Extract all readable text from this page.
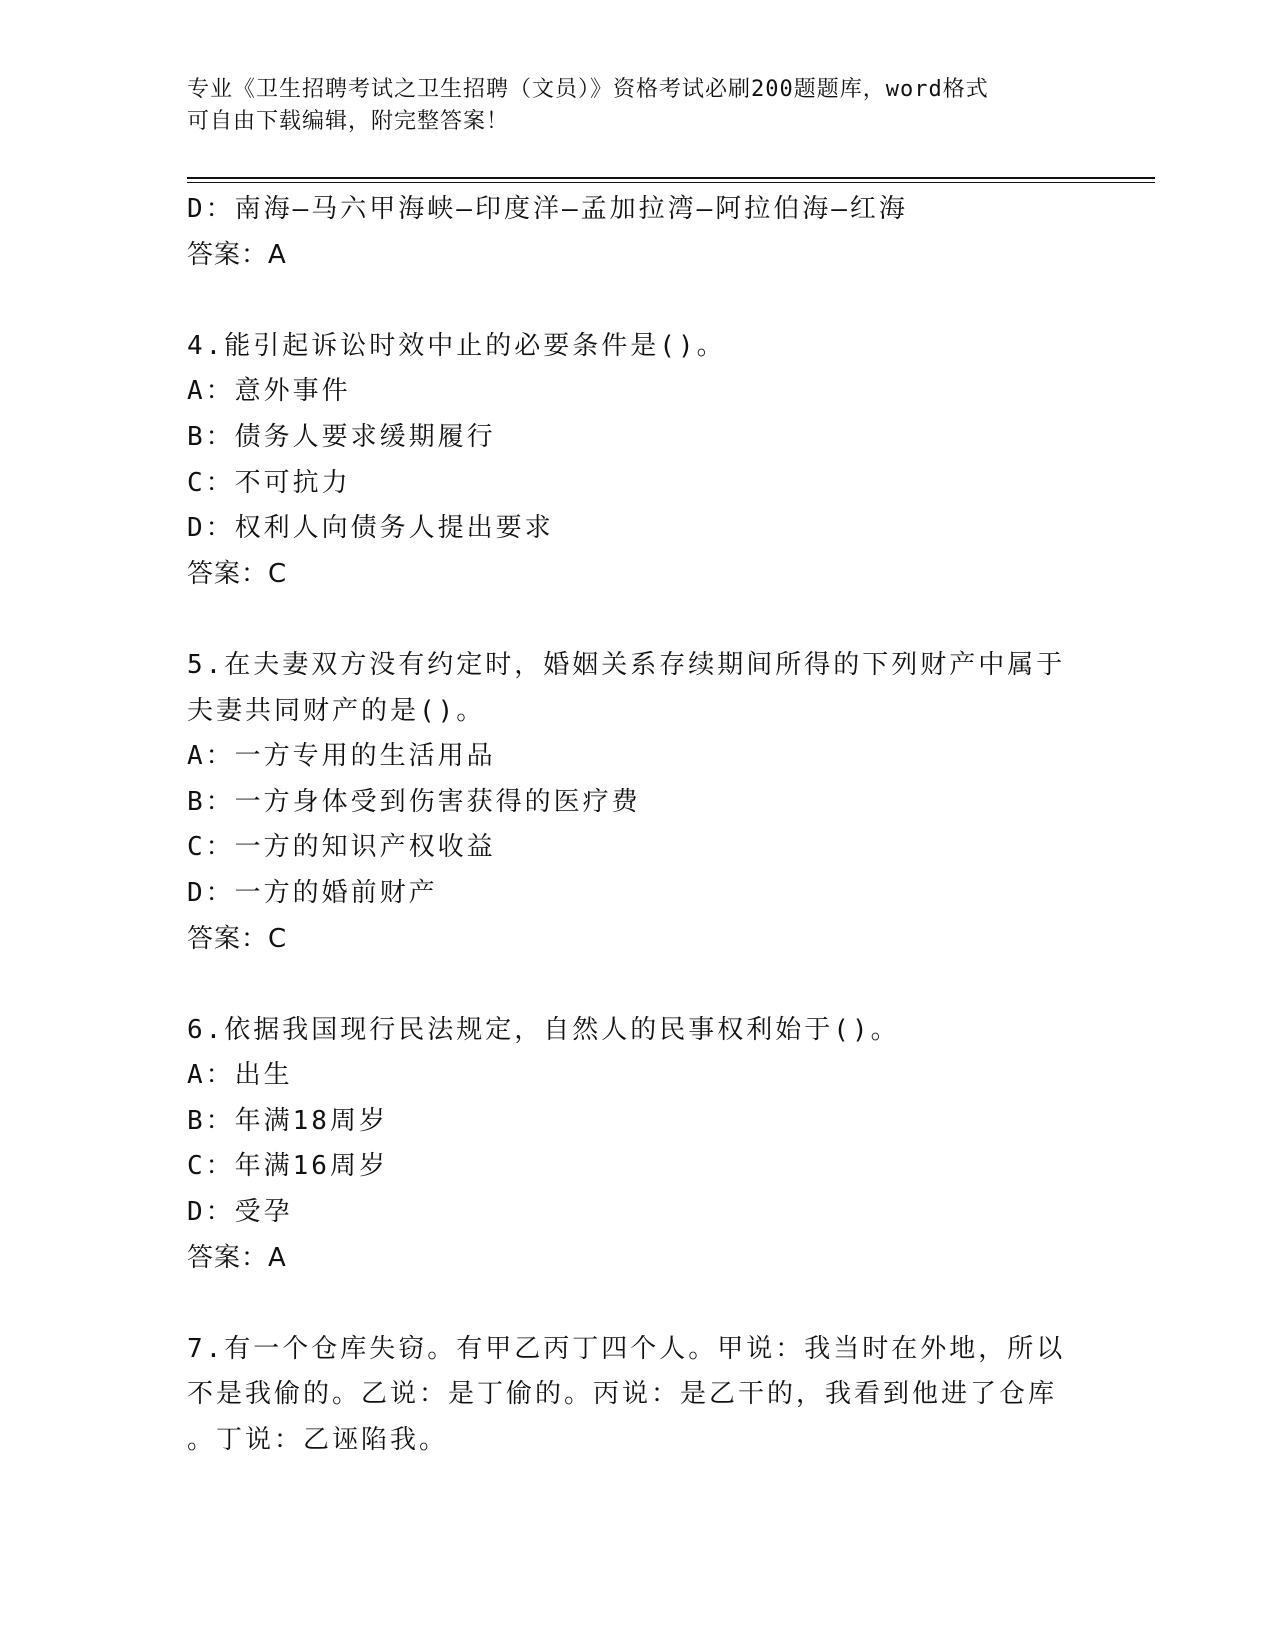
专业《卫生招聘考试之卫生招聘（文员）》资格考试必刷200题题库，word格式
可自由下载编辑，附完整答案！
D：南海—马六甲海峡—印度洋—孟加拉湾—阿拉伯海—红海
答案：A
4.能引起诉讼时效中止的必要条件是()。
A：意外事件
B：债务人要求缓期履行
C：不可抗力
D：权利人向债务人提出要求
答案：C
5.在夫妻双方没有约定时，婚姻关系存续期间所得的下列财产中属于
夫妻共同财产的是()。
A：一方专用的生活用品
B：一方身体受到伤害获得的医疗费
C：一方的知识产权收益
D：一方的婚前财产
答案：C
6.依据我国现行民法规定，自然人的民事权利始于()。
A：出生
B：年满18周岁
C：年满16周岁
D：受孕
答案：A
7.有一个仓库失窃。有甲乙丙丁四个人。甲说：我当时在外地，所以
不是我偷的。乙说：是丁偷的。丙说：是乙干的，我看到他进了仓库
。丁说：乙诬陷我。
